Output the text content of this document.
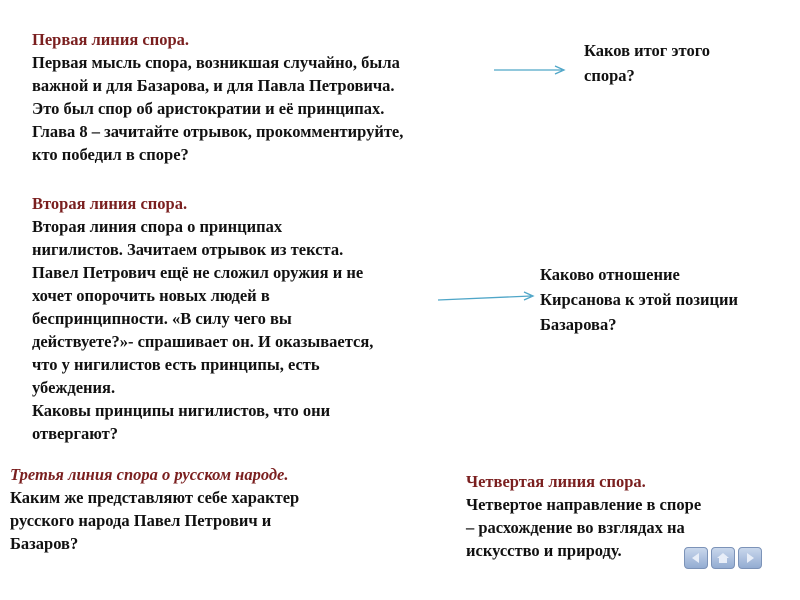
Первая линия спора.
Первая мысль спора, возникшая случайно, была
важной и для Базарова, и для Павла Петровича.
Это был спор об аристократии и её принципах.
Глава 8 – зачитайте отрывок, прокомментируйте,
кто победил в споре?
Вторая линия спора.
Вторая линия спора о принципах
нигилистов. Зачитаем отрывок из текста.
Павел Петрович ещё не сложил оружия и не
хочет опорочить новых людей в
беспринципности. «В силу чего вы
действуете?»- спрашивает он. И оказывается,
что у нигилистов есть принципы, есть
убеждения.
Каковы принципы нигилистов, что они
отвергают?
Третья линия спора о русском народе.
Каким же представляют себе характер
русского народа Павел Петрович и
Базаров?
Четвертая линия спора.
Четвертое направление в споре
– расхождение во взглядах на
искусство и природу.
Каков итог этого
спора?
Каково отношение
Кирсанова к этой позиции
Базарова?
